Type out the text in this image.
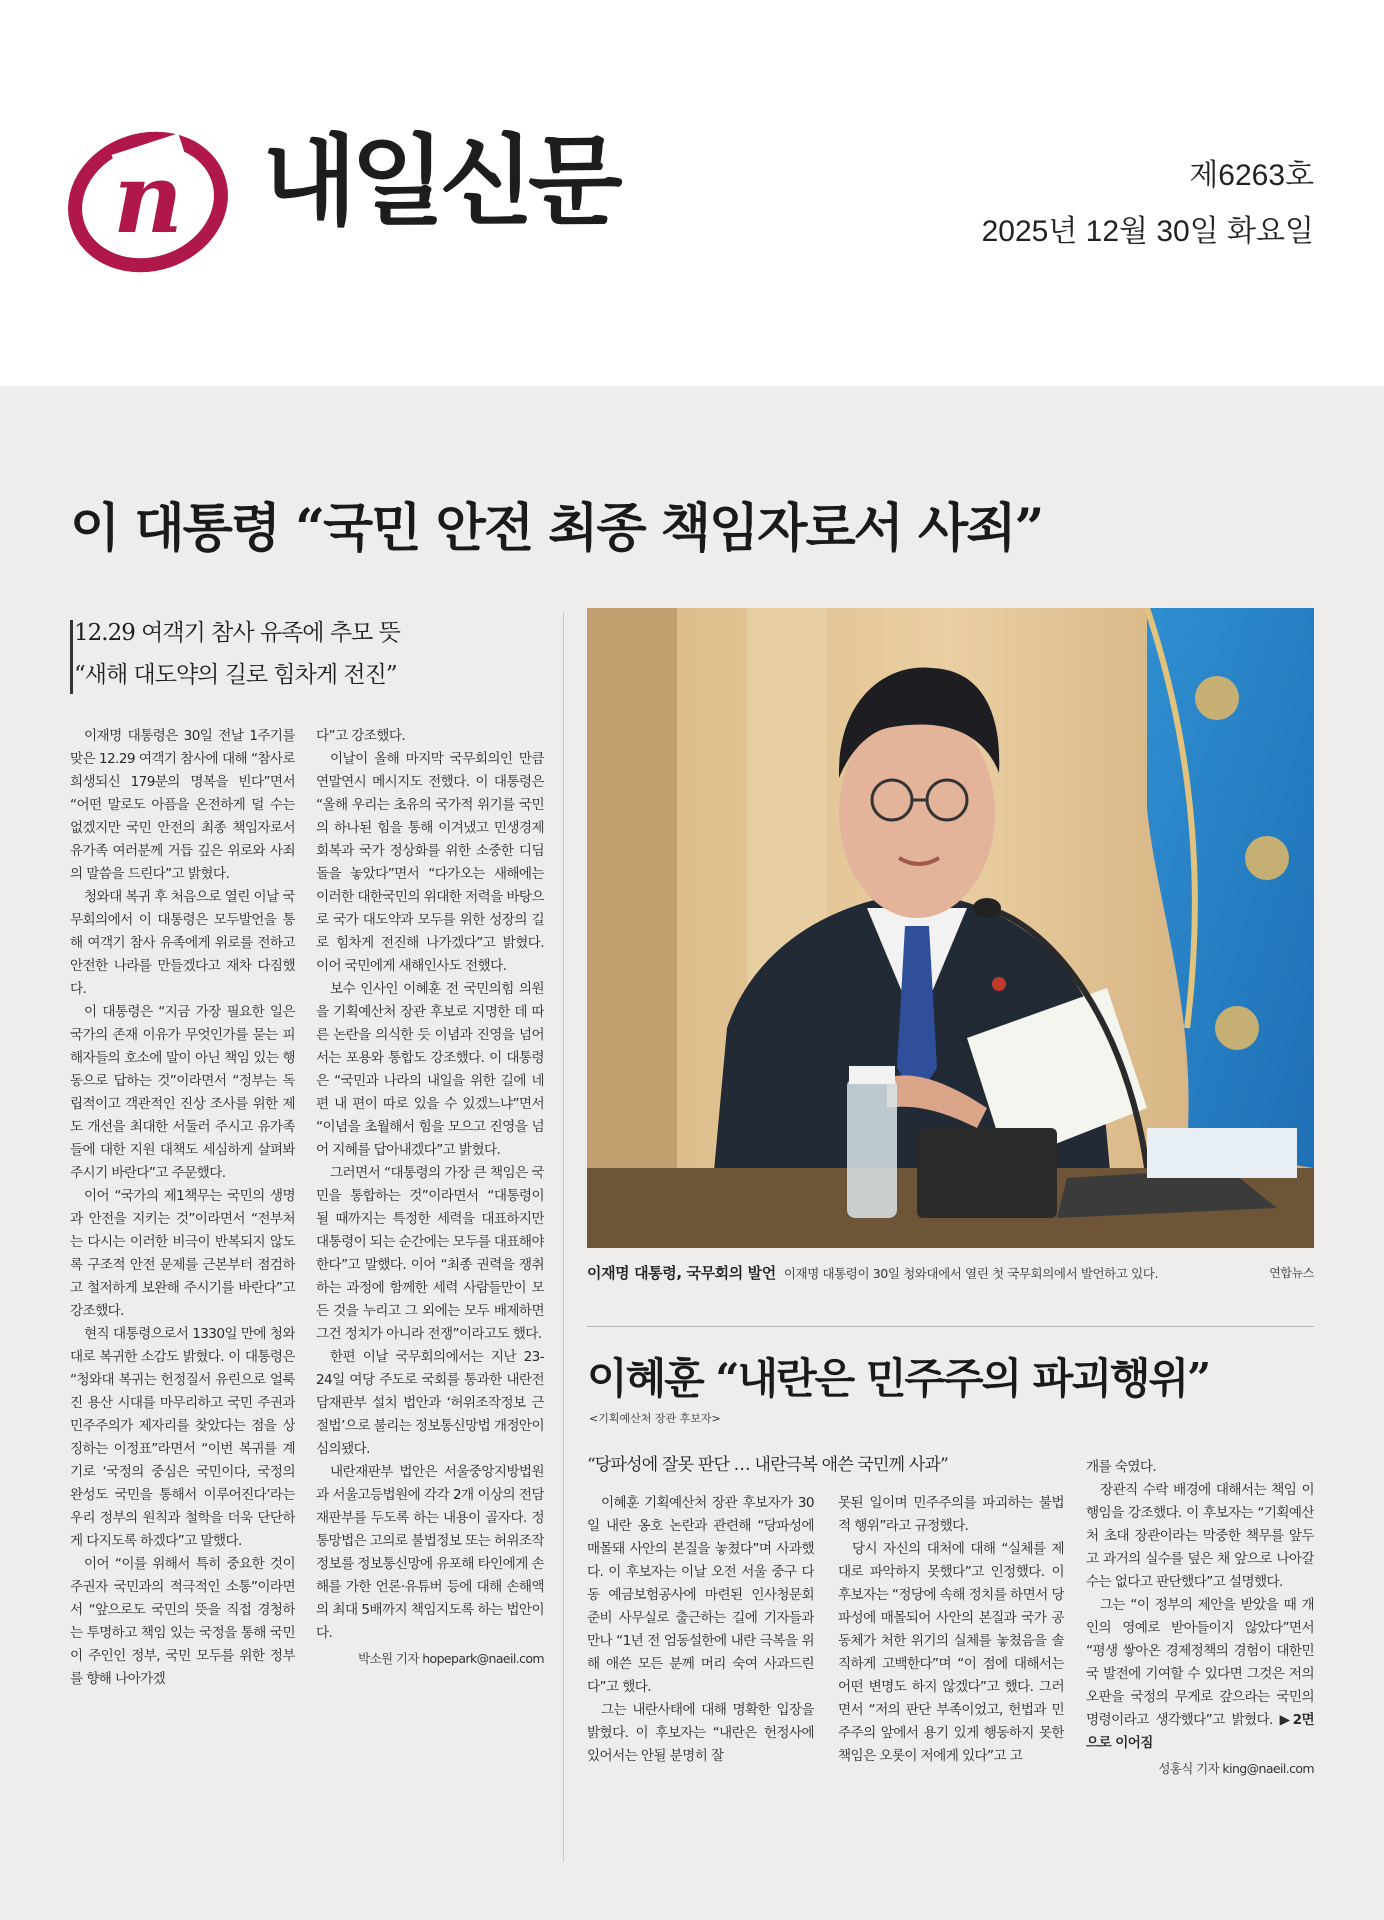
n 내일신문	제6263호
2025년 12월 30일 화요일
이 대통령 “국민 안전 최종 책임자로서 사죄”
12.29 여객기 참사 유족에 추모 뜻
“새해 대도약의 길로 힘차게 전진”

이재명 대통령은 30일 전날 1주기를 맞은 12.29 여객기 참사에 대해 “참사로 희생되신 179분의 명복을 빈다”면서 “어떤 말로도 아픔을 온전하게 덜 수는 없겠지만 국민 안전의 최종 책임자로서 유가족 여러분께 거듭 깊은 위로와 사죄의 말씀을 드린다”고 밝혔다.

청와대 복귀 후 처음으로 열린 이날 국무회의에서 이 대통령은 모두발언을 통해 여객기 참사 유족에게 위로를 전하고 안전한 나라를 만들겠다고 재차 다짐했다.

이 대통령은 “지금 가장 필요한 일은 국가의 존재 이유가 무엇인가를 묻는 피해자들의 호소에 말이 아닌 책임 있는 행동으로 답하는 것”이라면서 “정부는 독립적이고 객관적인 진상 조사를 위한 제도 개선을 최대한 서둘러 주시고 유가족들에 대한 지원 대책도 세심하게 살펴봐주시기 바란다”고 주문했다.

이어 “국가의 제1책무는 국민의 생명과 안전을 지키는 것”이라면서 “전부처는 다시는 이러한 비극이 반복되지 않도록 구조적 안전 문제를 근본부터 점검하고 철저하게 보완해 주시기를 바란다”고 강조했다.

현직 대통령으로서 1330일 만에 청와대로 복귀한 소감도 밝혔다. 이 대통령은 “청와대 복귀는 헌정질서 유린으로 얼룩진 용산 시대를 마무리하고 국민 주권과 민주주의가 제자리를 찾았다는 점을 상징하는 이정표”라면서 “이번 복귀를 계기로 ‘국정의 중심은 국민이다, 국정의 완성도 국민을 통해서 이루어진다’라는 우리 정부의 원칙과 철학을 더욱 단단하게 다지도록 하겠다”고 말했다.

이어 “이를 위해서 특히 중요한 것이 주권자 국민과의 적극적인 소통”이라면서 “앞으로도 국민의 뜻을 직접 경청하는 투명하고 책임 있는 국정을 통해 국민이 주인인 정부, 국민 모두를 위한 정부를 향해 나아가겠

다”고 강조했다.

이날이 올해 마지막 국무회의인 만큼 연말연시 메시지도 전했다. 이 대통령은 “올해 우리는 초유의 국가적 위기를 국민의 하나된 힘을 통해 이겨냈고 민생경제 회복과 국가 정상화를 위한 소중한 디딤돌을 놓았다”면서 “다가오는 새해에는 이러한 대한국민의 위대한 저력을 바탕으로 국가 대도약과 모두를 위한 성장의 길로 힘차게 전진해 나가겠다”고 밝혔다. 이어 국민에게 새해인사도 전했다.

보수 인사인 이혜훈 전 국민의힘 의원을 기획예산처 장관 후보로 지명한 데 따른 논란을 의식한 듯 이념과 진영을 넘어서는 포용와 통합도 강조했다. 이 대통령은 “국민과 나라의 내일을 위한 길에 네 편 내 편이 따로 있을 수 있겠느냐”면서 “이념을 초월해서 힘을 모으고 진영을 넘어 지혜를 답아내겠다”고 밝혔다.

그러면서 “대통령의 가장 큰 책임은 국민을 통합하는 것”이라면서 “대통령이 될 때까지는 특정한 세력을 대표하지만 대통령이 되는 순간에는 모두를 대표해야 한다”고 말했다. 이어 “최종 권력을 쟁취하는 과정에 함께한 세력 사람들만이 모든 것을 누리고 그 외에는 모두 배제하면 그건 정치가 아니라 전쟁”이라고도 했다.

한편 이날 국무회의에서는 지난 23-24일 여당 주도로 국회를 통과한 내란전담재판부 설치 법안과 ‘허위조작정보 근절법’으로 불리는 정보통신망법 개정안이 심의됐다.

내란재판부 법안은 서울중앙지방법원과 서울고등법원에 각각 2개 이상의 전담재판부를 두도록 하는 내용이 골자다. 정통망법은 고의로 불법정보 또는 허위조작정보를 정보통신망에 유포해 타인에게 손해를 가한 언론·유튜버 등에 대해 손해액의 최대 5배까지 책임지도록 하는 법안이다.

박소원 기자 hopepark@naeil.com
이재명 대통령, 국무회의 발언 이재명 대통령이 30일 청와대에서 열린 첫 국무회의에서 발언하고 있다.	연합뉴스
이혜훈 “내란은 민주주의 파괴행위”
<기획예산처 장관 후보자>
“당파성에 잘못 판단 … 내란극복 애쓴 국민께 사과”

이혜훈 기획예산처 장관 후보자가 30일 내란 옹호 논란과 관련해 “당파성에 매몰돼 사안의 본질을 놓쳤다”며 사과했다. 이 후보자는 이날 오전 서울 중구 다동 예금보험공사에 마련된 인사청문회 준비 사무실로 출근하는 길에 기자들과 만나 “1년 전 엄동설한에 내란 극복을 위해 애쓴 모든 분께 머리 숙여 사과드린다”고 했다.

그는 내란사태에 대해 명확한 입장을 밝혔다. 이 후보자는 “내란은 헌정사에 있어서는 안될 분명히 잘

못된 일이며 민주주의를 파괴하는 불법적 행위”라고 규정했다.

당시 자신의 대처에 대해 “실체를 제대로 파악하지 못했다”고 인정했다. 이 후보자는 “정당에 속해 정치를 하면서 당파성에 매몰되어 사안의 본질과 국가 공동체가 처한 위기의 실체를 놓쳤음을 솔직하게 고백한다”며 “이 점에 대해서는 어떤 변명도 하지 않겠다”고 했다. 그러면서 “저의 판단 부족이었고, 헌법과 민주주의 앞에서 용기 있게 행동하지 못한 책임은 오롯이 저에게 있다”고 고

개를 숙였다.

장관직 수락 배경에 대해서는 책임 이행임을 강조했다. 이 후보자는 “기획예산처 초대 장관이라는 막중한 책무를 앞두고 과거의 실수를 덮은 채 앞으로 나아갈 수는 없다고 판단했다”고 설명했다.

그는 “이 정부의 제안을 받았을 때 개인의 영예로 받아들이지 않았다”면서 “평생 쌓아온 경제정책의 경험이 대한민국 발전에 기여할 수 있다면 그것은 저의 오판을 국정의 무게로 갚으라는 국민의 명령이라고 생각했다”고 밝혔다. ▶2면으로 이어짐

성홍식 기자 king@naeil.com
